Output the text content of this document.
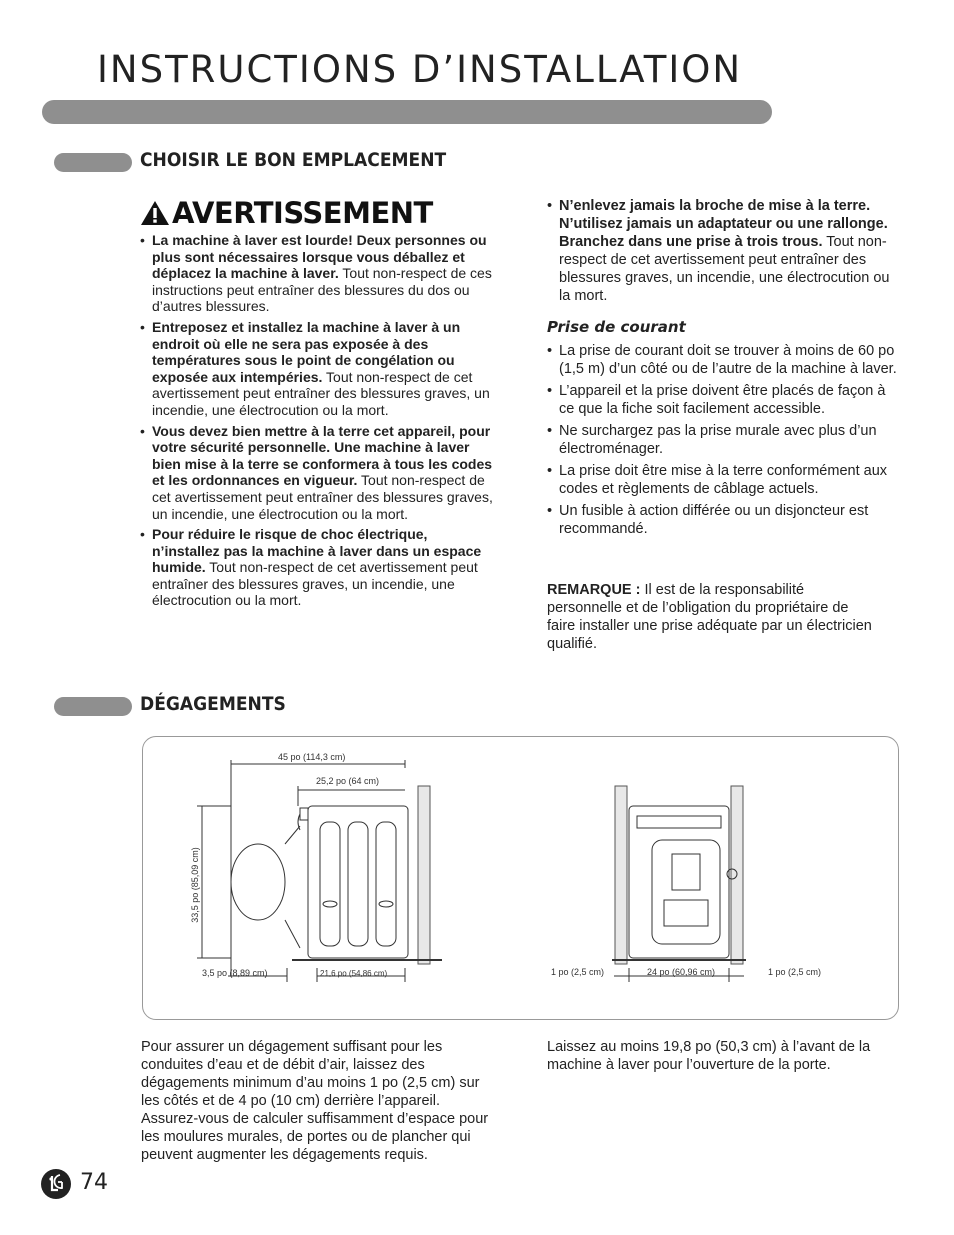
INSTRUCTIONS D’INSTALLATION
CHOISIR LE BON EMPLACEMENT
AVERTISSEMENT
• La machine à laver est lourde! Deux personnes ou plus sont nécessaires lorsque vous déballez et déplacez la machine à laver. Tout non-respect de ces instructions peut entraîner des blessures du dos ou d’autres blessures.
• Entreposez et installez la machine à laver à un endroit où elle ne sera pas exposée à des températures sous le point de congélation ou exposée aux intempéries. Tout non-respect de cet avertissement peut entraîner des blessures graves, un incendie, une électrocution ou la mort.
• Vous devez bien mettre à la terre cet appareil, pour votre sécurité personnelle. Une machine à laver bien mise à la terre se conformera à tous les codes et les ordonnances en vigueur. Tout non-respect de cet avertissement peut entraîner des blessures graves, un incendie, une électrocution ou la mort.
• Pour réduire le risque de choc électrique, n’installez pas la machine à laver dans un espace humide. Tout non-respect de cet avertissement peut entraîner des blessures graves, un incendie, une électrocution ou la mort.
• N’enlevez jamais la broche de mise à la terre. N’utilisez jamais un adaptateur ou une rallonge. Branchez dans une prise à trois trous. Tout non-respect de cet avertissement peut entraîner des blessures graves, un incendie, une électrocution ou la mort.
Prise de courant
• La prise de courant doit se trouver à moins de 60 po (1,5 m) d’un côté ou de l’autre de la machine à laver.
• L’appareil et la prise doivent être placés de façon à ce que la fiche soit facilement accessible.
• Ne surchargez pas la prise murale avec plus d’un électroménager.
• La prise doit être mise à la terre conformément aux codes et règlements de câblage actuels.
• Un fusible à action différée ou un disjoncteur est recommandé.
REMARQUE : Il est de la responsabilité personnelle et de l’obligation du propriétaire de faire installer une prise adéquate par un électricien qualifié.
DÉGAGEMENTS
45 po (114,3 cm)
25,2 po (64 cm)
33,5 po (85,09 cm)
3,5 po (8,89 cm)	21,6 po (54,86 cm)	1 po (2,5 cm)	24 po (60,96 cm)	1 po (2,5 cm)
Pour assurer un dégagement suffisant pour les conduites d’eau et de débit d’air, laissez des dégagements minimum d’au moins 1 po (2,5 cm) sur les côtés et de 4 po (10 cm) derrière l’appareil. Assurez-vous de calculer suffisamment d’espace pour les moulures murales, de portes ou de plancher qui peuvent augmenter les dégagements requis.
Laissez au moins 19,8 po (50,3 cm) à l’avant de la machine à laver pour l’ouverture de la porte.
74
